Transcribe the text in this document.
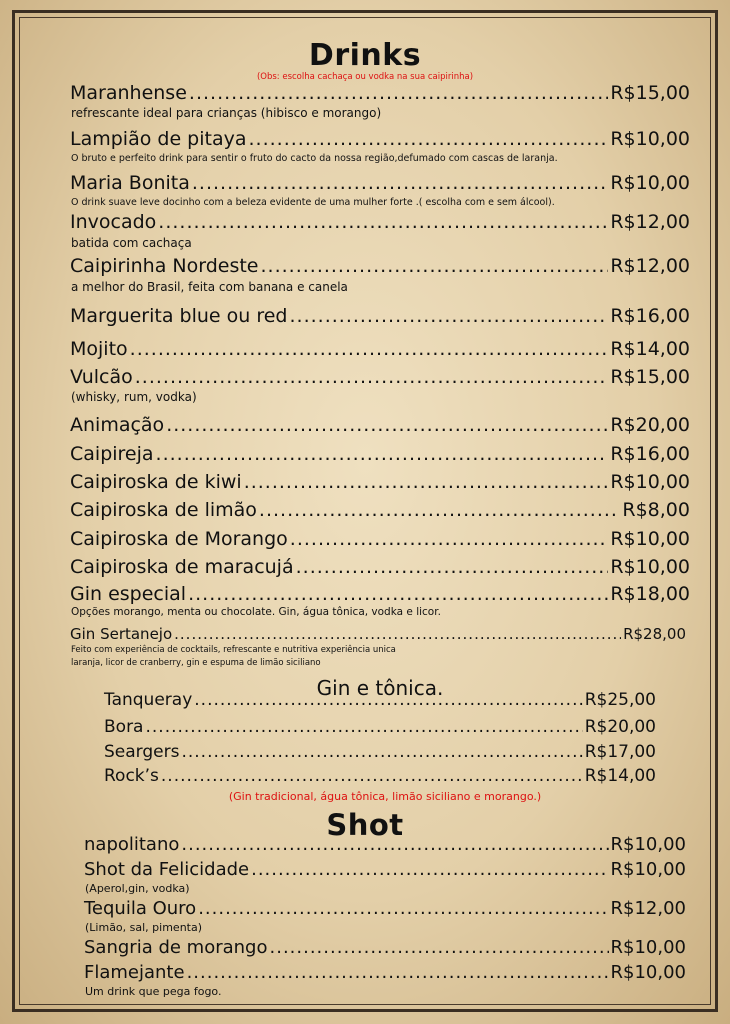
Drinks
(Obs: escolha cachaça ou vodka na sua caipirinha)
Maranhense .....	R$15,00
refrescante ideal para crianças (hibisco e morango)
Lampião de pitaya .....	R$10,00
O bruto e perfeito drink para sentir o fruto do cacto da nossa região,defumado com cascas de laranja.
Maria Bonita .....	R$10,00
O drink suave leve docinho com a beleza evidente de uma mulher forte .( escolha com e sem álcool).
Invocado .....	R$12,00
batida com cachaça
Caipirinha Nordeste .....	R$12,00
a melhor do Brasil, feita com banana e canela
Marguerita blue ou red .....	R$16,00
Mojito .....	R$14,00
Vulcão .....	R$15,00
(whisky, rum, vodka)
Animação .....	R$20,00
Caipireja .....	R$16,00
Caipiroska de kiwi .....	R$10,00
Caipiroska de limão .....	R$8,00
Caipiroska de Morango .....	R$10,00
Caipiroska de maracujá .....	R$10,00
Gin especial .....	R$18,00
Opções morango, menta ou chocolate. Gin, água tônica, vodka e licor.
Gin Sertanejo .....	R$28,00
Feito com experiência de cocktails, refrescante e nutritiva experiência unica
laranja, licor de cranberry, gin e espuma de limão siciliano
Gin e tônica.
Tanqueray .....	R$25,00
Bora .....	R$20,00
Seargers .....	R$17,00
Rock’s .....	R$14,00
(Gin tradicional, água tônica, limão siciliano e morango.)
Shot
napolitano .....	R$10,00
Shot da Felicidade .....	R$10,00
(Aperol,gin, vodka)
Tequila Ouro .....	R$12,00
(Limão, sal, pimenta)
Sangria de morango .....	R$10,00
Flamejante .....	R$10,00
Um drink que pega fogo.
